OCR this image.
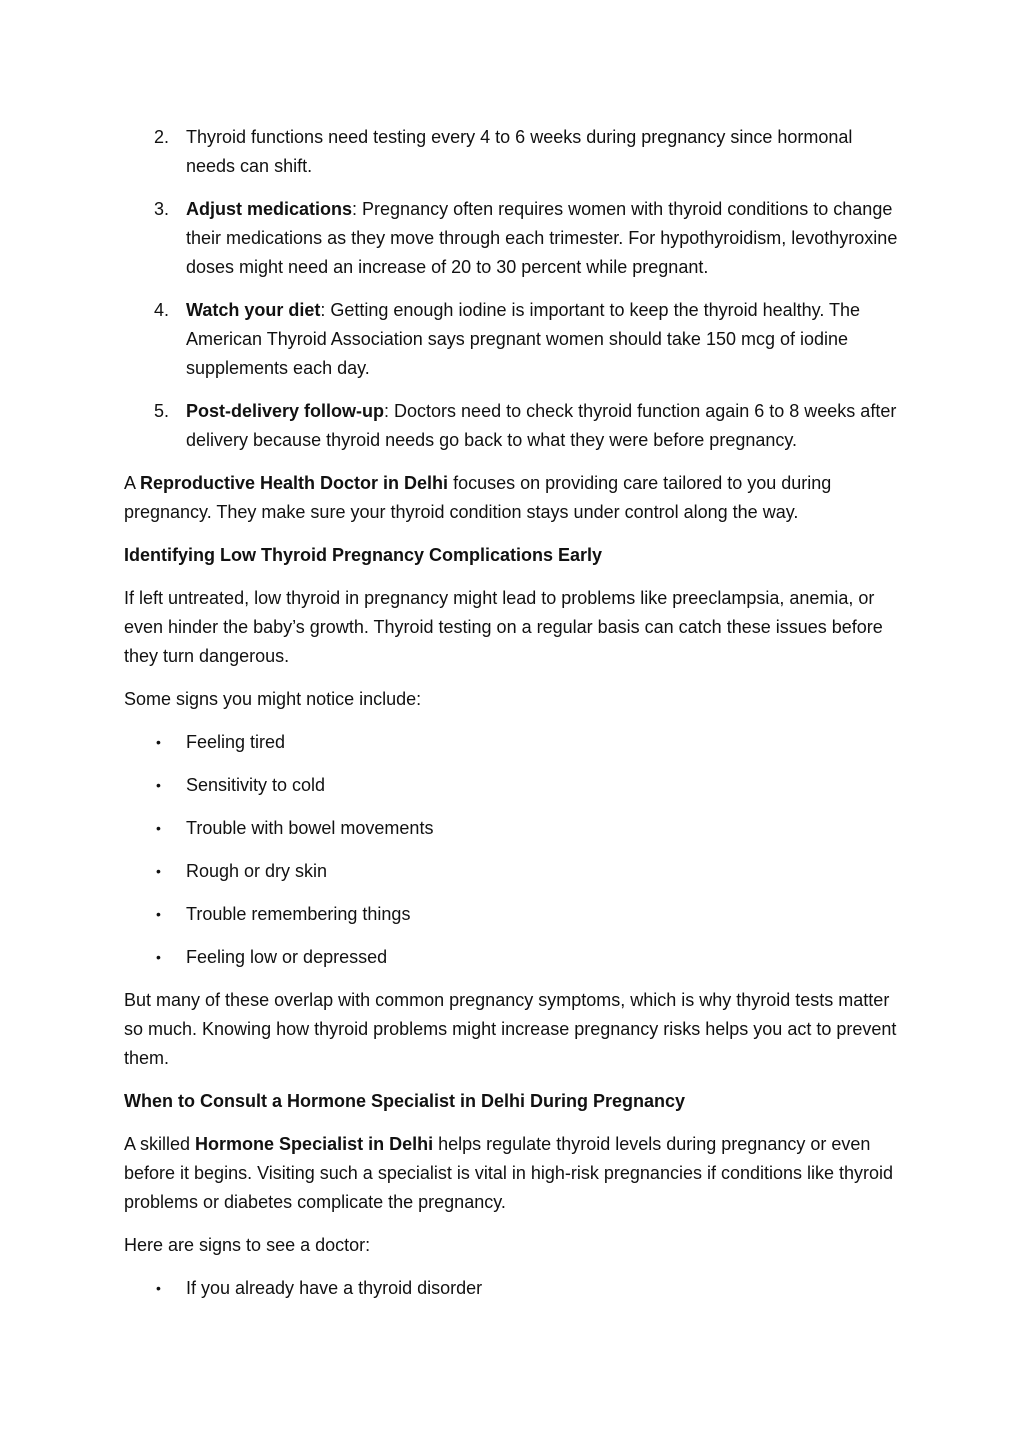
2. Thyroid functions need testing every 4 to 6 weeks during pregnancy since hormonal needs can shift.
3. Adjust medications: Pregnancy often requires women with thyroid conditions to change their medications as they move through each trimester. For hypothyroidism, levothyroxine doses might need an increase of 20 to 30 percent while pregnant.
4. Watch your diet: Getting enough iodine is important to keep the thyroid healthy. The American Thyroid Association says pregnant women should take 150 mcg of iodine supplements each day.
5. Post-delivery follow-up: Doctors need to check thyroid function again 6 to 8 weeks after delivery because thyroid needs go back to what they were before pregnancy.

A Reproductive Health Doctor in Delhi focuses on providing care tailored to you during pregnancy. They make sure your thyroid condition stays under control along the way.

Identifying Low Thyroid Pregnancy Complications Early

If left untreated, low thyroid in pregnancy might lead to problems like preeclampsia, anemia, or even hinder the baby’s growth. Thyroid testing on a regular basis can catch these issues before they turn dangerous.

Some signs you might notice include:

• Feeling tired
• Sensitivity to cold
• Trouble with bowel movements
• Rough or dry skin
• Trouble remembering things
• Feeling low or depressed

But many of these overlap with common pregnancy symptoms, which is why thyroid tests matter so much. Knowing how thyroid problems might increase pregnancy risks helps you act to prevent them.

When to Consult a Hormone Specialist in Delhi During Pregnancy

A skilled Hormone Specialist in Delhi helps regulate thyroid levels during pregnancy or even before it begins. Visiting such a specialist is vital in high-risk pregnancies if conditions like thyroid problems or diabetes complicate the pregnancy.

Here are signs to see a doctor:

• If you already have a thyroid disorder
